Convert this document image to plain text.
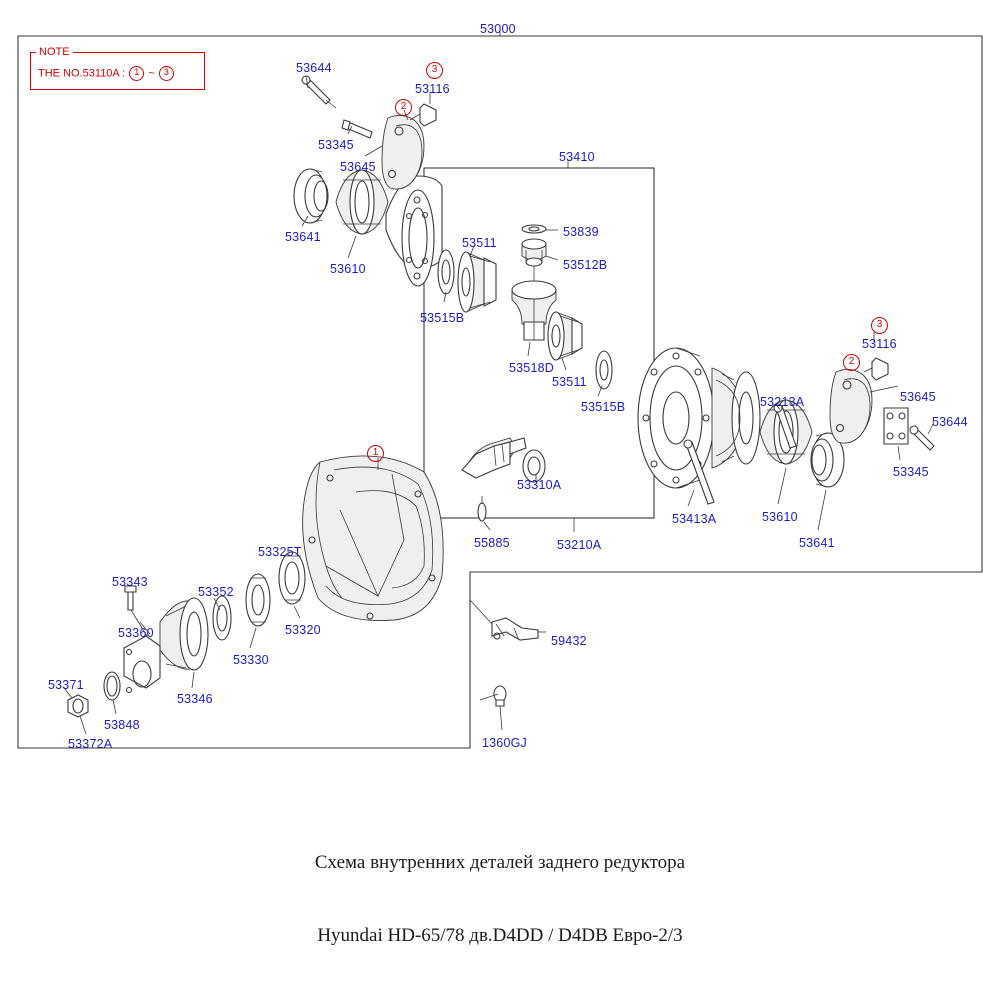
NOTE
THE NO.53110A : 1 ~ 3	3
2
3
2
1
53000
53644
53116
53345
53645
53410
53641
53610
53511
53839
53512B
53515B
53518D
53511
53515B
53116
53645
53644
53345
53213A
53310A
53413A	53610
53641
55885	53210A
53325T
53343
53352
53360	53320
53330
59432
53371
53346
53848
53372A	1360GJ
Схема внутренних деталей заднего редуктора
Hyundai HD-65/78 дв.D4DD / D4DB Евро-2/3
